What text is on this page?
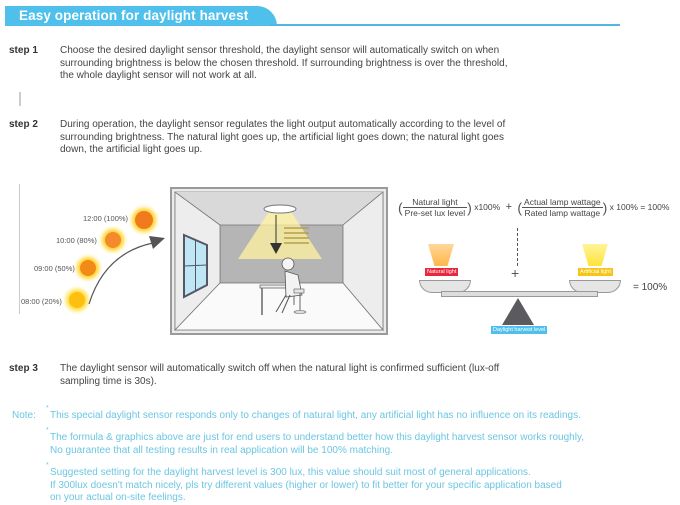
Easy operation for daylight harvest
step 1	Choose the desired daylight sensor threshold, the daylight sensor will automatically switch on when
surrounding brightness is below the chosen threshold. If surrounding brightness is over the threshold,
the whole daylight sensor will not work at all.
step 2	During operation, the daylight sensor regulates the light output automatically according to the level of
surrounding brightness. The natural light goes up, the artificial light goes down; the natural light goes
down, the artificial light goes up.
12:00 (100%)
10:00 (80%)
09:00 (50%)
08:00 (20%)
( $\frac{\text{Natural light}}{\text{Pre-set lux level}}$ ) x100% + ( $\frac{\text{Actual lamp wattage}}{\text{Rated lamp wattage}}$ ) x 100% = 100%
+
Natural light	Artificial light
Daylight harvest level
= 100%
step 3	The daylight sensor will automatically switch off when the natural light is confirmed sufficient (lux-off
sampling time is 30s).
Note:
*
This special daylight sensor responds only to changes of natural light, any artificial light has no influence on its readings.
*
The formula & graphics above are just for end users to understand better how this daylight harvest sensor works roughly,
No guarantee that all testing results in real application will be 100% matching.
*
Suggested setting for the daylight harvest level is 300 lux, this value should suit most of general applications.
If 300lux doesn't match nicely, pls try different values (higher or lower) to fit better for your specific application based
on your actual on-site feelings.
